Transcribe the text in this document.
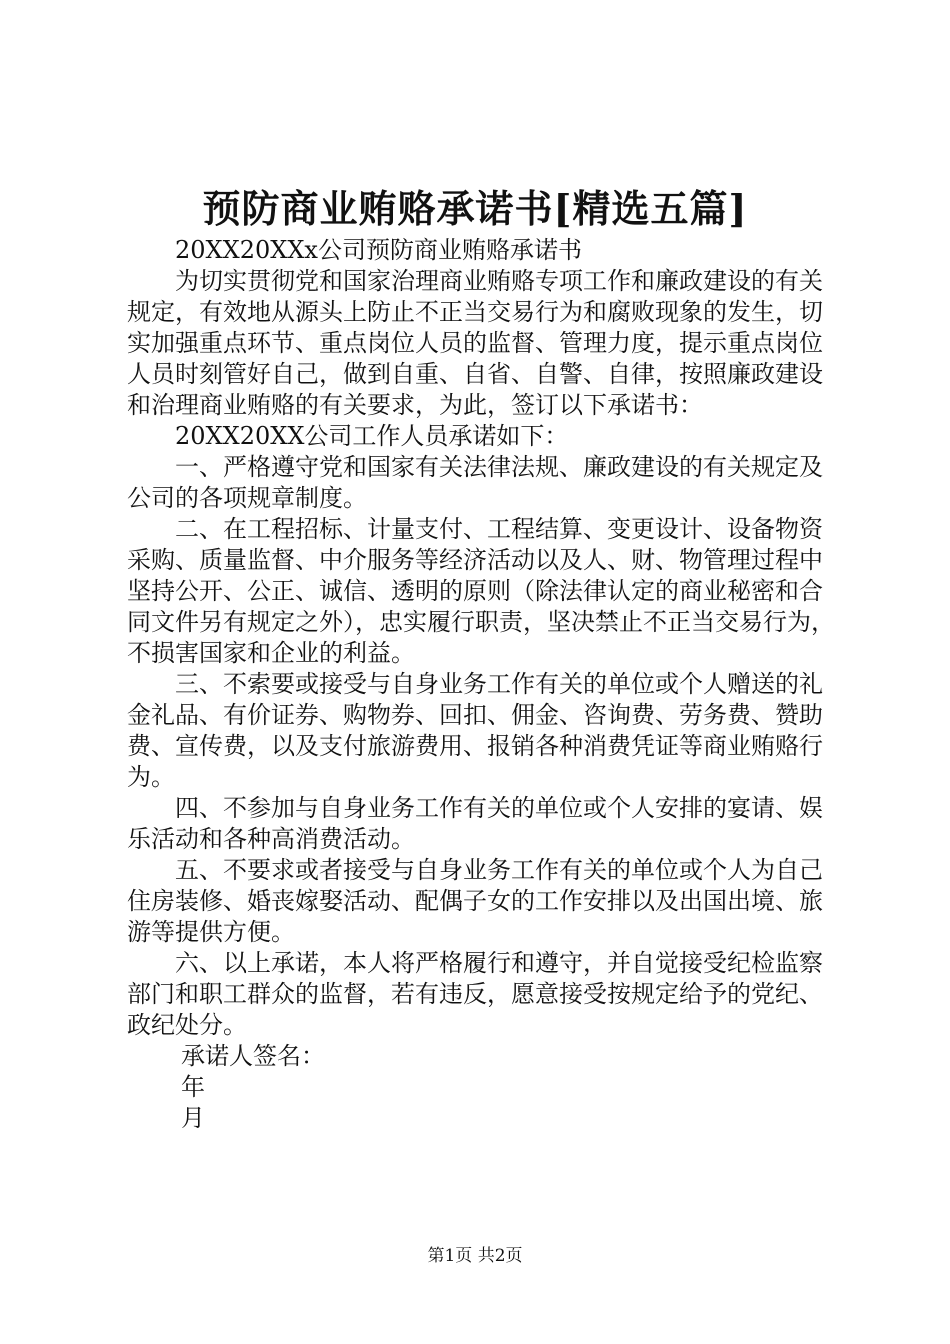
预防商业贿赂承诺书[精选五篇]

20XX20XXx公司预防商业贿赂承诺书

为切实贯彻党和国家治理商业贿赂专项工作和廉政建设的有关规定，有效地从源头上防止不正当交易行为和腐败现象的发生，切实加强重点环节、重点岗位人员的监督、管理力度，提示重点岗位人员时刻管好自己，做到自重、自省、自警、自律，按照廉政建设和治理商业贿赂的有关要求，为此，签订以下承诺书：

20XX20XX公司工作人员承诺如下：

一、严格遵守党和国家有关法律法规、廉政建设的有关规定及公司的各项规章制度。

二、在工程招标、计量支付、工程结算、变更设计、设备物资采购、质量监督、中介服务等经济活动以及人、财、物管理过程中坚持公开、公正、诚信、透明的原则（除法律认定的商业秘密和合同文件另有规定之外），忠实履行职责，坚决禁止不正当交易行为，不损害国家和企业的利益。

三、不索要或接受与自身业务工作有关的单位或个人赠送的礼金礼品、有价证券、购物券、回扣、佣金、咨询费、劳务费、赞助费、宣传费，以及支付旅游费用、报销各种消费凭证等商业贿赂行为。

四、不参加与自身业务工作有关的单位或个人安排的宴请、娱乐活动和各种高消费活动。

五、不要求或者接受与自身业务工作有关的单位或个人为自己住房装修、婚丧嫁娶活动、配偶子女的工作安排以及出国出境、旅游等提供方便。

六、以上承诺，本人将严格履行和遵守，并自觉接受纪检监察部门和职工群众的监督，若有违反，愿意接受按规定给予的党纪、政纪处分。

承诺人签名：
年
月
第1页 共2页
